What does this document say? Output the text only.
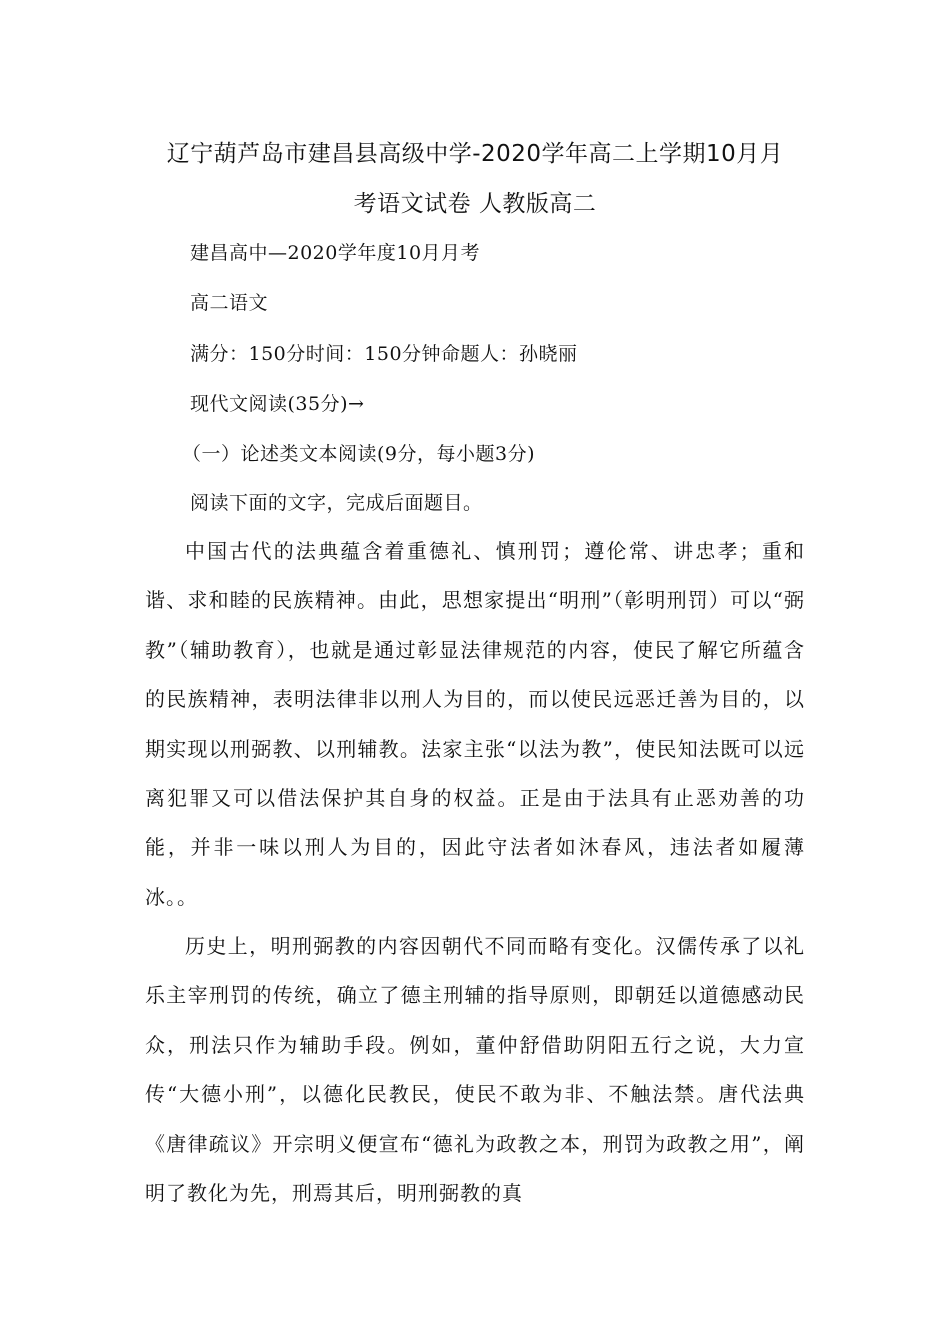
辽宁葫芦岛市建昌县高级中学-2020学年高二上学期10月月
考语文试卷 人教版高二
建昌高中—2020学年度10月月考
高二语文
满分：150分时间：150分钟命题人：孙晓丽
现代文阅读(35分)→
（一）论述类文本阅读(9分，每小题3分)
阅读下面的文字，完成后面题目。

中国古代的法典蕴含着重德礼、慎刑罚；遵伦常、讲忠孝；重和谐、求和睦的民族精神。由此，思想家提出“明刑”（彰明刑罚）可以“弼教”（辅助教育），也就是通过彰显法律规范的内容，使民了解它所蕴含的民族精神，表明法律非以刑人为目的，而以使民远恶迁善为目的，以期实现以刑弼教、以刑辅教。法家主张“以法为教”，使民知法既可以远离犯罪又可以借法保护其自身的权益。正是由于法具有止恶劝善的功能，并非一味以刑人为目的，因此守法者如沐春风，违法者如履薄冰。。

历史上，明刑弼教的内容因朝代不同而略有变化。汉儒传承了以礼乐主宰刑罚的传统，确立了德主刑辅的指导原则，即朝廷以道德感动民众，刑法只作为辅助手段。例如，董仲舒借助阴阳五行之说，大力宣传“大德小刑”，以德化民教民，使民不敢为非、不触法禁。唐代法典《唐律疏议》开宗明义便宣布“德礼为政教之本，刑罚为政教之用”，阐明了教化为先，刑焉其后，明刑弼教的真
